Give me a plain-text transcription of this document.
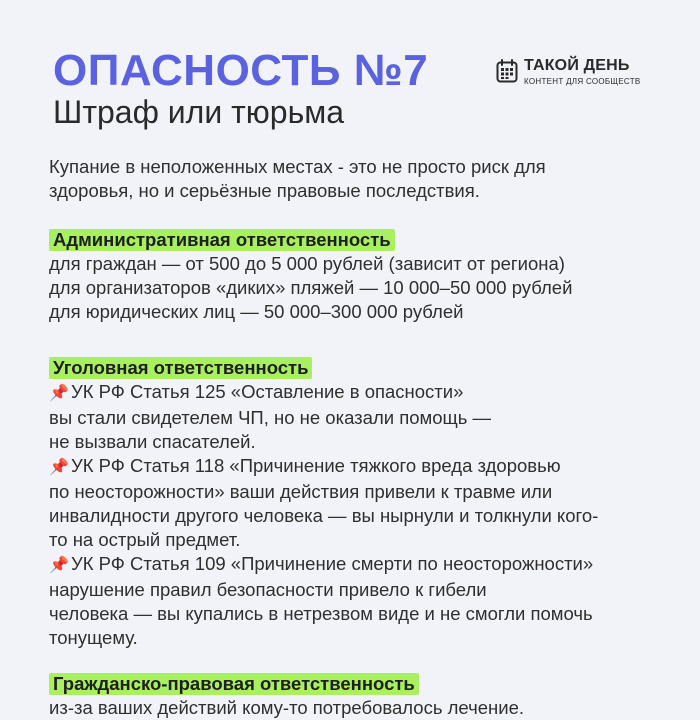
ОПАСНОСТЬ №7
Штраф или тюрьма
ТАКОЙ ДЕНЬ
КОНТЕНТ ДЛЯ СООБЩЕСТВ

Купание в неположенных местах - это не просто риск для
здоровья, но и серьёзные правовые последствия.

Административная ответственность
для граждан — от 500 до 5 000 рублей (зависит от региона)
для организаторов «диких» пляжей — 10 000–50 000 рублей
для юридических лиц — 50 000–300 000 рублей
Уголовная ответственность
📌 УК РФ Статья 125 «Оставление в опасности»
вы стали свидетелем ЧП, но не оказали помощь —
не вызвали спасателей.
📌 УК РФ Статья 118 «Причинение тяжкого вреда здоровью
по неосторожности» ваши действия привели к травме или
инвалидности другого человека — вы нырнули и толкнули кого-
то на острый предмет.
📌 УК РФ Статья 109 «Причинение смерти по неосторожности»
нарушение правил безопасности привело к гибели
человека — вы купались в нетрезвом виде и не смогли помочь
тонущему.
Гражданско-правовая ответственность
из-за ваших действий кому-то потребовалось лечение.
